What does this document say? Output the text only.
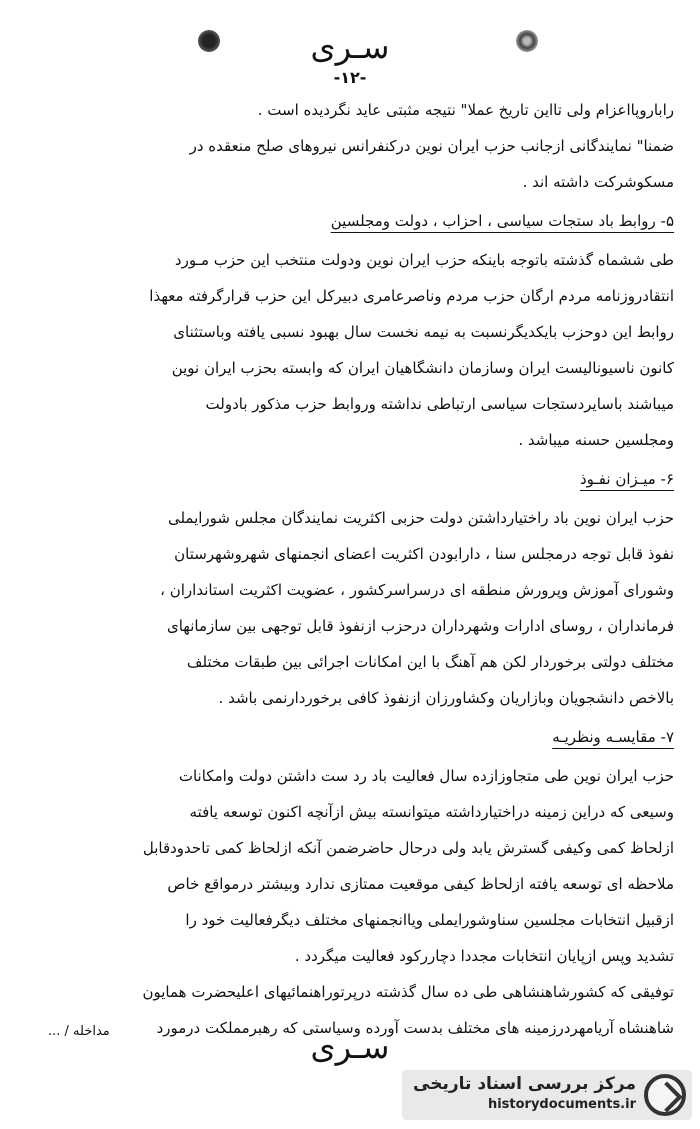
سـری
-۱۲-
راباروپااعزام ولی تااین تاریخ عملا" نتیجه مثبتی عاید نگردیده است .
ضمنا" نمایندگانی ازجانب حزب ایران نوین درکنفرانس نیروهای صلح منعقده در
مسکوشرکت داشته اند .
۵- روابط باد ستجات سیاسی ، احزاب ، دولت ومجلسین
طی ششماه گذشته باتوجه باینکه حزب ایران نوین ودولت منتخب این حزب مـورد
انتقادروزنامه مردم ارگان حزب مردم وناصرعامری دبیرکل این حزب قرارگرفته معهذا
روابط این دوحزب بایکدیگرنسبت به نیمه نخست سال بهبود نسبی یافته وباستثنای
کانون ناسیونالیست ایران وسازمان دانشگاهیان ایران که وابسته بحزب ایران نوین
میباشند باسایردستجات سیاسی ارتباطی نداشته وروابط حزب مذکور بادولت
ومجلسین حسنه میباشد .
۶- میـزان نفـوذ
حزب ایران نوین باد راختیارداشتن دولت حزبی اکثریت نمایندگان مجلس شورایملی
نفوذ قابل توجه درمجلس سنا ، دارابودن اکثریت اعضای انجمنهای شهروشهرستان
وشورای آموزش وپرورش منطقه ای درسراسرکشور ، عضویت اکثریت استانداران ،
فرمانداران ، روسای ادارات وشهرداران درحزب ازنفوذ قابل توجهی بین سازمانهای
مختلف دولتی برخوردار لکن هم آهنگ با این امکانات اجرائی بین طبقات مختلف
بالاخص دانشجویان وبازاریان وکشاورزان ازنفوذ کافی برخوردارنمی باشد .
۷- مقایسـه ونظریـه
حزب ایران نوین طی متجاوزازده سال فعالیت باد رد ست داشتن دولت وامکانات
وسیعی که دراین زمینه دراختیارداشته میتوانسته بیش ازآنچه اکنون توسعه یافته
ازلحاظ کمی وکیفی گسترش یابد ولی درحال حاضرضمن آنکه ازلحاظ کمی تاحدودقابل
ملاحظه ای توسعه یافته ازلحاظ کیفی موقعیت ممتازی ندارد وبیشتر درمواقع خاص
ازقبیل انتخابات مجلسین سناوشورایملی ویاانجمنهای مختلف دیگرفعالیت خود را
تشدید وپس ازپایان انتخابات مجددا دچاررکود فعالیت میگردد .
توفیقی که کشورشاهنشاهی طی ده سال گذشته درپرتوراهنمائیهای اعلیحضرت همایون
شاهنشاه آریامهردرزمینه های مختلف بدست آورده وسیاستی که رهبرمملکت درمورد
مداخله / ...	سـری
مرکز بررسی اسناد تاریخی
historydocuments.ir
